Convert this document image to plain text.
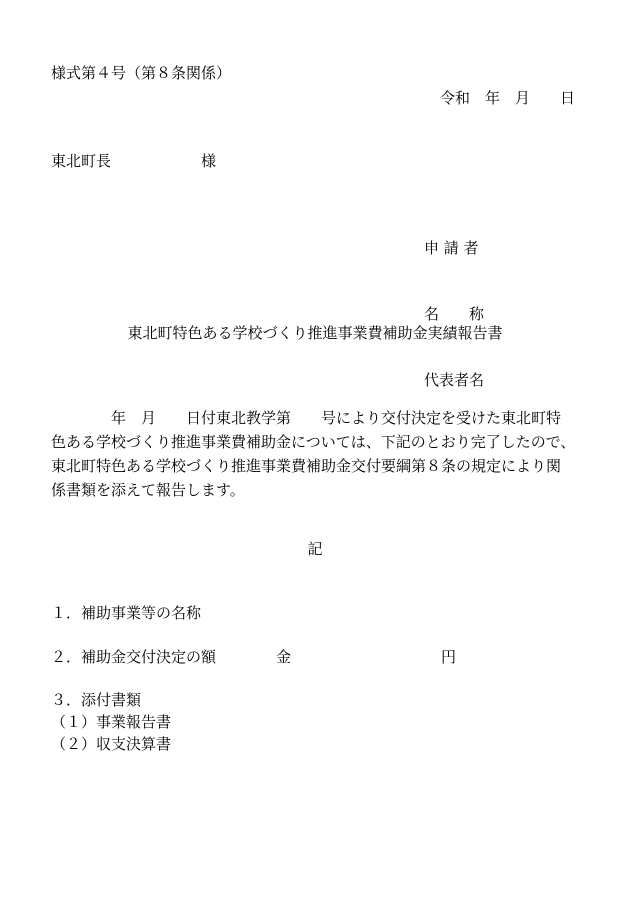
様式第４号（第８条関係）
令和　年　月　　日
東北町長　　　　　　様

申 請 者

名　　称

代表者名

東北町特色ある学校づくり推進事業費補助金実績報告書
　　　　年　月　　日付東北教学第　　号により交付決定を受けた東北町特
色ある学校づくり推進事業費補助金については、下記のとおり完了したので、
東北町特色ある学校づくり推進事業費補助金交付要綱第８条の規定により関
係書類を添えて報告します。
記
１．補助事業等の名称
２．補助金交付決定の額　　　　金　　　　　　　　　　円
３．添付書類
（１）事業報告書
（２）収支決算書
